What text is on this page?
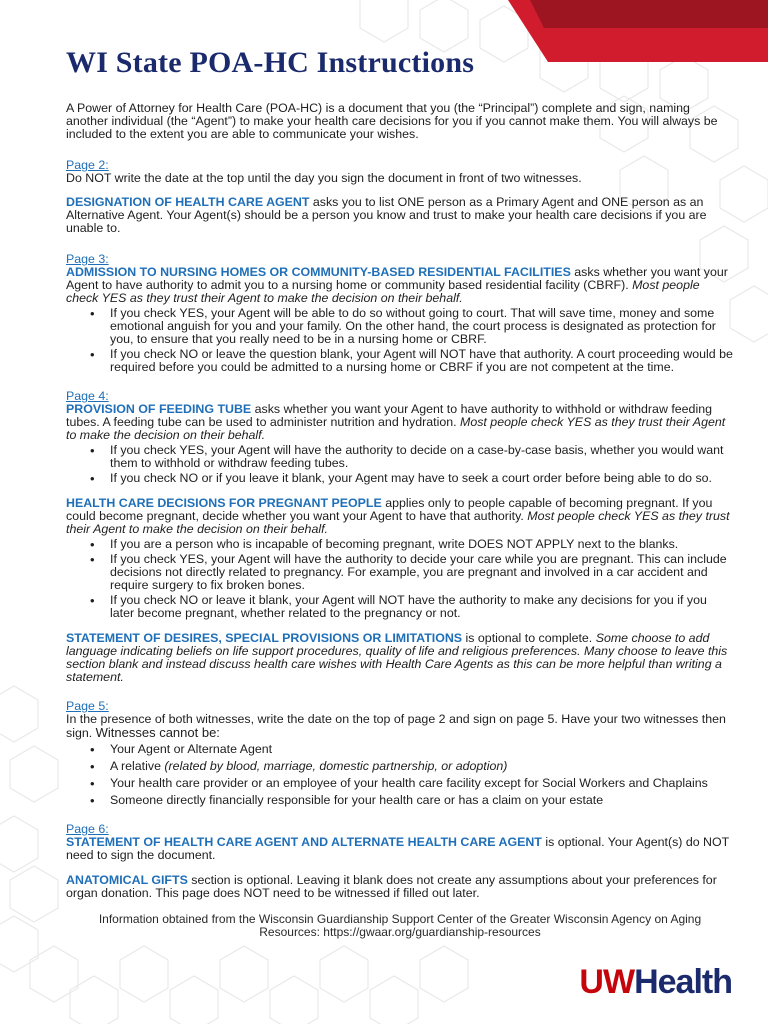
WI State POA-HC Instructions

A Power of Attorney for Health Care (POA-HC) is a document that you (the “Principal”) complete and sign, naming another individual (the “Agent”) to make your health care decisions for you if you cannot make them. You will always be included to the extent you are able to communicate your wishes.

Page 2:

Do NOT write the date at the top until the day you sign the document in front of two witnesses.

DESIGNATION OF HEALTH CARE AGENT asks you to list ONE person as a Primary Agent and ONE person as an Alternative Agent. Your Agent(s) should be a person you know and trust to make your health care decisions if you are unable to.

Page 3:

ADMISSION TO NURSING HOMES OR COMMUNITY-BASED RESIDENTIAL FACILITIES asks whether you want your Agent to have authority to admit you to a nursing home or community based residential facility (CBRF). Most people check YES as they trust their Agent to make the decision on their behalf.

• If you check YES, your Agent will be able to do so without going to court. That will save time, money and some emotional anguish for you and your family. On the other hand, the court process is designated as protection for you, to ensure that you really need to be in a nursing home or CBRF.
• If you check NO or leave the question blank, your Agent will NOT have that authority. A court proceeding would be required before you could be admitted to a nursing home or CBRF if you are not competent at the time.
Page 4:

PROVISION OF FEEDING TUBE asks whether you want your Agent to have authority to withhold or withdraw feeding tubes. A feeding tube can be used to administer nutrition and hydration. Most people check YES as they trust their Agent to make the decision on their behalf.

• If you check YES, your Agent will have the authority to decide on a case-by-case basis, whether you would want them to withhold or withdraw feeding tubes.
• If you check NO or if you leave it blank, your Agent may have to seek a court order before being able to do so.

HEALTH CARE DECISIONS FOR PREGNANT PEOPLE applies only to people capable of becoming pregnant. If you could become pregnant, decide whether you want your Agent to have that authority. Most people check YES as they trust their Agent to make the decision on their behalf.

• If you are a person who is incapable of becoming pregnant, write DOES NOT APPLY next to the blanks.
• If you check YES, your Agent will have the authority to decide your care while you are pregnant. This can include decisions not directly related to pregnancy. For example, you are pregnant and involved in a car accident and require surgery to fix broken bones.
• If you check NO or leave it blank, your Agent will NOT have the authority to make any decisions for you if you later become pregnant, whether related to the pregnancy or not.

STATEMENT OF DESIRES, SPECIAL PROVISIONS OR LIMITATIONS is optional to complete. Some choose to add language indicating beliefs on life support procedures, quality of life and religious preferences. Many choose to leave this section blank and instead discuss health care wishes with Health Care Agents as this can be more helpful than writing a statement.

Page 5:

In the presence of both witnesses, write the date on the top of page 2 and sign on page 5. Have your two witnesses then sign. Witnesses cannot be:

• Your Agent or Alternate Agent
• A relative (related by blood, marriage, domestic partnership, or adoption)
• Your health care provider or an employee of your health care facility except for Social Workers and Chaplains
• Someone directly financially responsible for your health care or has a claim on your estate
Page 6:

STATEMENT OF HEALTH CARE AGENT AND ALTERNATE HEALTH CARE AGENT is optional. Your Agent(s) do NOT need to sign the document.

ANATOMICAL GIFTS section is optional. Leaving it blank does not create any assumptions about your preferences for organ donation. This page does NOT need to be witnessed if filled out later.

Information obtained from the Wisconsin Guardianship Support Center of the Greater Wisconsin Agency on Aging Resources: https://gwaar.org/guardianship-resources

UWHealth
